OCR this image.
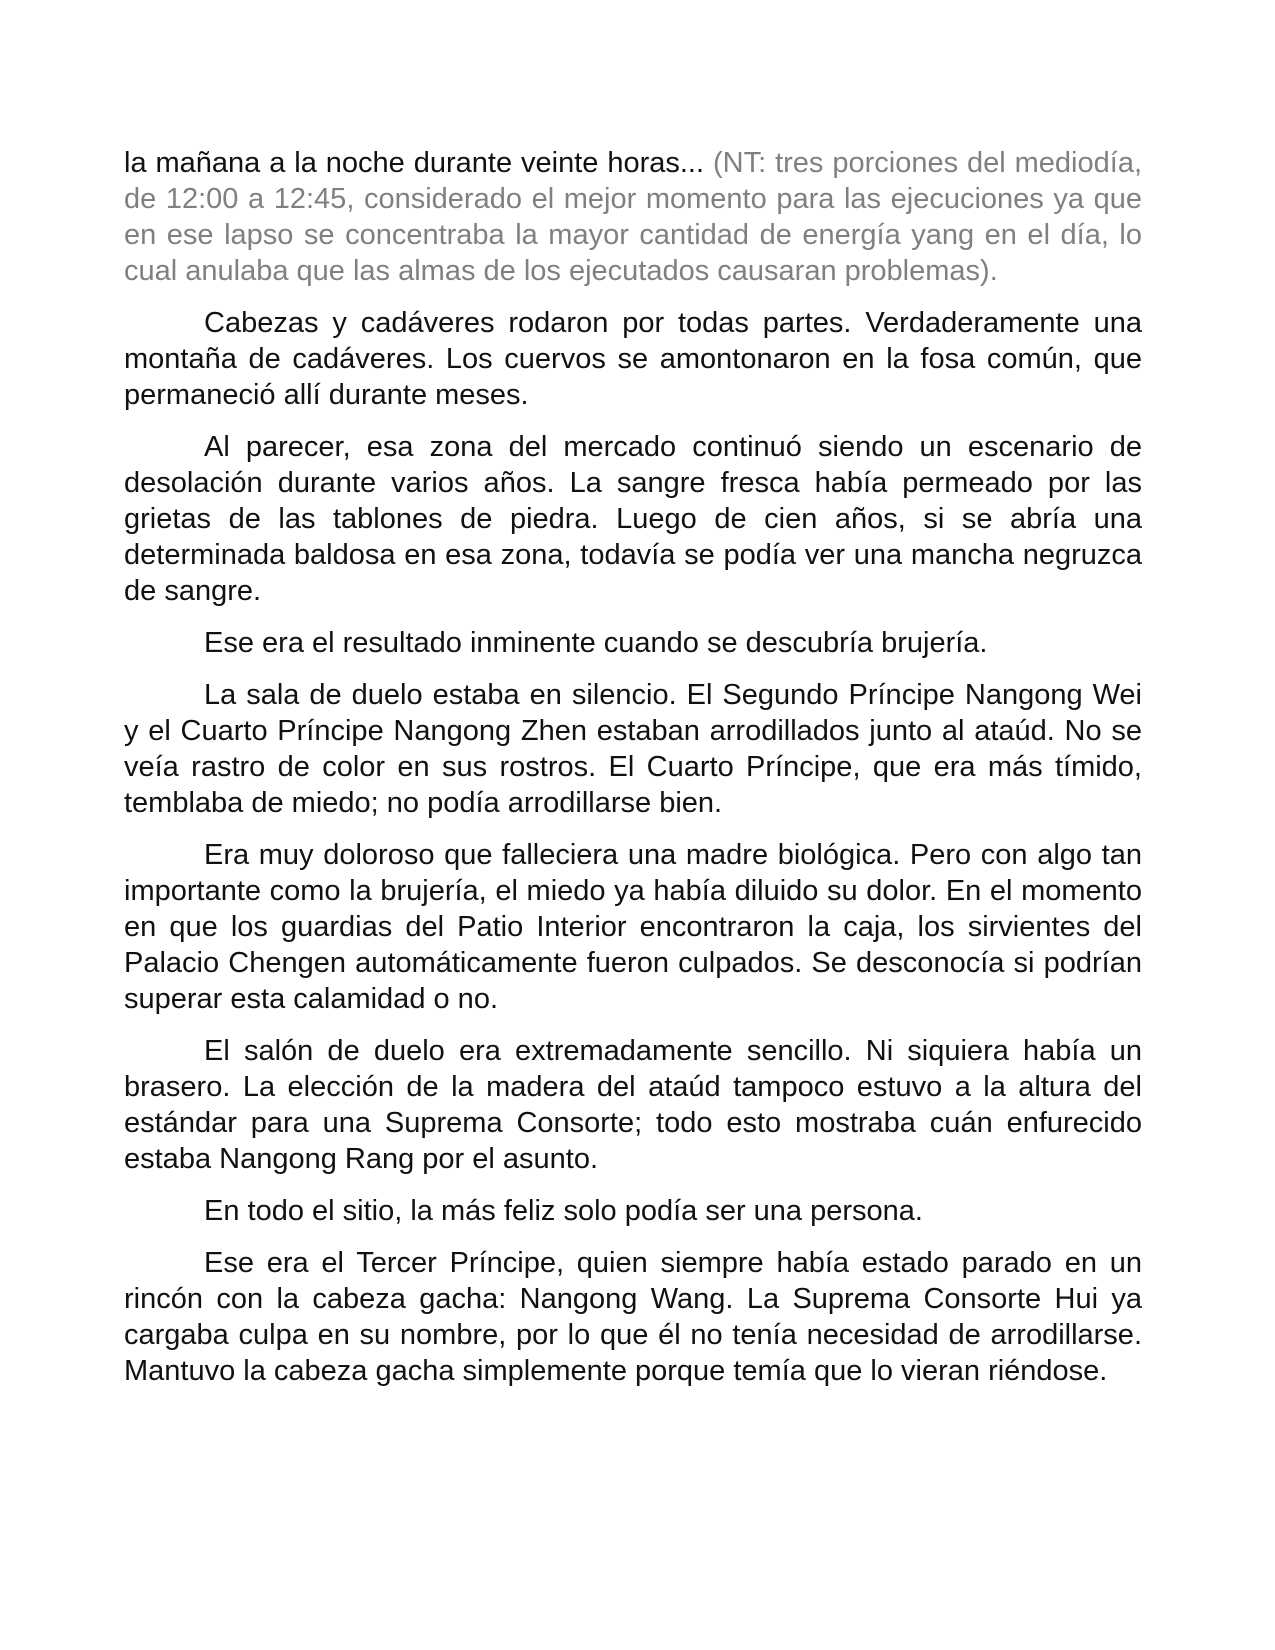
la mañana a la noche durante veinte horas... (NT: tres porciones del mediodía, de 12:00 a 12:45, considerado el mejor momento para las ejecuciones ya que en ese lapso se concentraba la mayor cantidad de energía yang en el día, lo cual anulaba que las almas de los ejecutados causaran problemas).

Cabezas y cadáveres rodaron por todas partes. Verdaderamente una montaña de cadáveres. Los cuervos se amontonaron en la fosa común, que permaneció allí durante meses.

Al parecer, esa zona del mercado continuó siendo un escenario de desolación durante varios años. La sangre fresca había permeado por las grietas de las tablones de piedra. Luego de cien años, si se abría una determinada baldosa en esa zona, todavía se podía ver una mancha negruzca de sangre.

Ese era el resultado inminente cuando se descubría brujería.

La sala de duelo estaba en silencio. El Segundo Príncipe Nangong Wei y el Cuarto Príncipe Nangong Zhen estaban arrodillados junto al ataúd. No se veía rastro de color en sus rostros. El Cuarto Príncipe, que era más tímido, temblaba de miedo; no podía arrodillarse bien.

Era muy doloroso que falleciera una madre biológica. Pero con algo tan importante como la brujería, el miedo ya había diluido su dolor. En el momento en que los guardias del Patio Interior encontraron la caja, los sirvientes del Palacio Chengen automáticamente fueron culpados. Se desconocía si podrían superar esta calamidad o no.

El salón de duelo era extremadamente sencillo. Ni siquiera había un brasero. La elección de la madera del ataúd tampoco estuvo a la altura del estándar para una Suprema Consorte; todo esto mostraba cuán enfurecido estaba Nangong Rang por el asunto.

En todo el sitio, la más feliz solo podía ser una persona.

Ese era el Tercer Príncipe, quien siempre había estado parado en un rincón con la cabeza gacha: Nangong Wang. La Suprema Consorte Hui ya cargaba culpa en su nombre, por lo que él no tenía necesidad de arrodillarse. Mantuvo la cabeza gacha simplemente porque temía que lo vieran riéndose.
